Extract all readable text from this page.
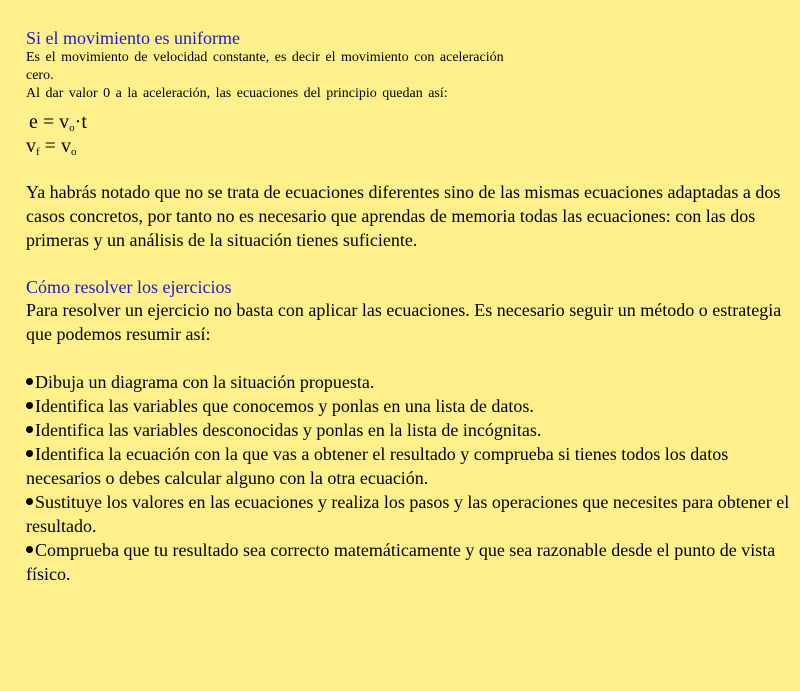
Si el movimiento es uniforme

Es el movimiento de velocidad constante, es decir el movimiento con aceleración

cero.

Al dar valor 0 a la aceleración, las ecuaciones del principio quedan así:

$e = v_o\cdot t$

$v_f = v_o$

Ya habrás notado que no se trata de ecuaciones diferentes sino de las mismas ecuaciones adaptadas a dos casos concretos, por tanto no es necesario que aprendas de memoria todas las ecuaciones: con las dos primeras y un análisis de la situación tienes suficiente.

Cómo resolver los ejercicios

Para resolver un ejercicio no basta con aplicar las ecuaciones. Es necesario seguir un método o estrategia que podemos resumir así:

Dibuja un diagrama con la situación propuesta.
Identifica las variables que conocemos y ponlas en una lista de datos.
Identifica las variables desconocidas y ponlas en la lista de incógnitas.
Identifica la ecuación con la que vas a obtener el resultado y comprueba si tienes todos los datos necesarios o debes calcular alguno con la otra ecuación.
Sustituye los valores en las ecuaciones y realiza los pasos y las operaciones que necesites para obtener el resultado.
Comprueba que tu resultado sea correcto matemáticamente y que sea razonable desde el punto de vista físico.
